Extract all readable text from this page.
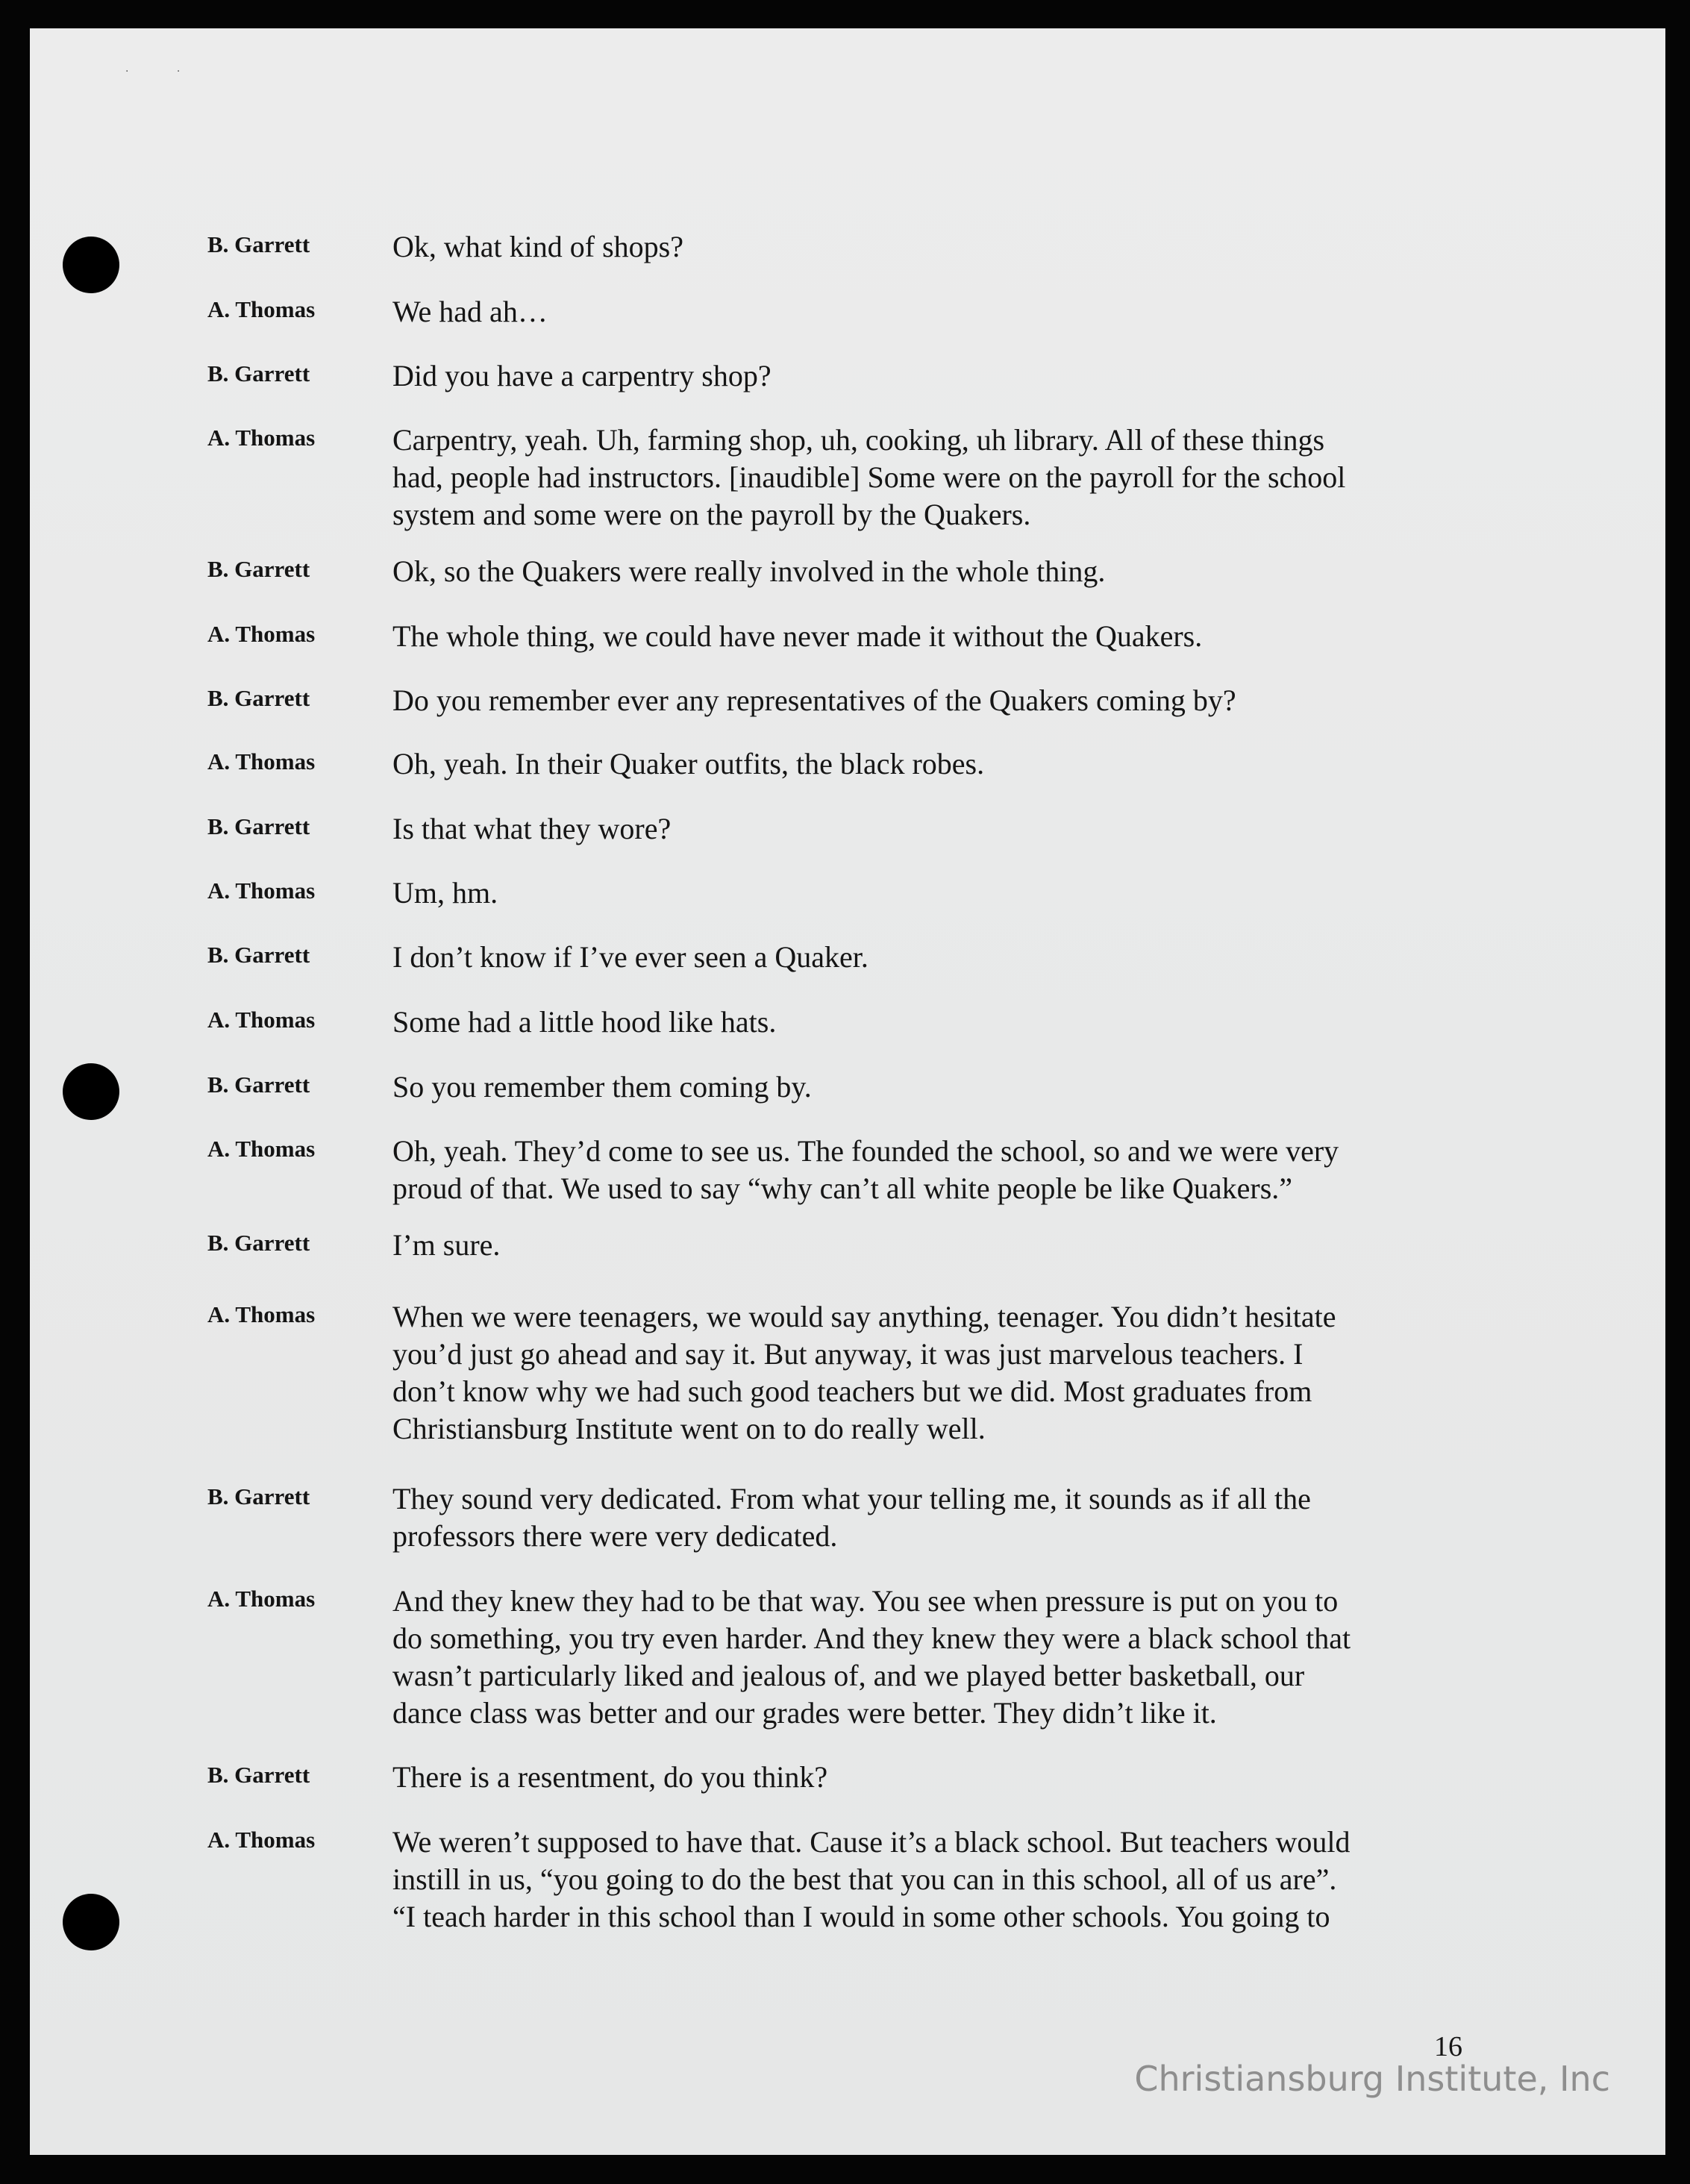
· ·
B. Garrett	Ok, what kind of shops?
A. Thomas	We had ah…
B. Garrett	Did you have a carpentry shop?
A. Thomas	Carpentry, yeah. Uh, farming shop, uh, cooking, uh library. All of these things
had, people had instructors. [inaudible] Some were on the payroll for the school
system and some were on the payroll by the Quakers.
B. Garrett	Ok, so the Quakers were really involved in the whole thing.
A. Thomas	The whole thing, we could have never made it without the Quakers.
B. Garrett	Do you remember ever any representatives of the Quakers coming by?
A. Thomas	Oh, yeah. In their Quaker outfits, the black robes.
B. Garrett	Is that what they wore?
A. Thomas	Um, hm.
B. Garrett	I don’t know if I’ve ever seen a Quaker.
A. Thomas	Some had a little hood like hats.
B. Garrett	So you remember them coming by.
A. Thomas	Oh, yeah. They’d come to see us. The founded the school, so and we were very
proud of that. We used to say “why can’t all white people be like Quakers.”
B. Garrett	I’m sure.
A. Thomas	When we were teenagers, we would say anything, teenager. You didn’t hesitate
you’d just go ahead and say it. But anyway, it was just marvelous teachers. I
don’t know why we had such good teachers but we did. Most graduates from
Christiansburg Institute went on to do really well.
B. Garrett	They sound very dedicated. From what your telling me, it sounds as if all the
professors there were very dedicated.
A. Thomas	And they knew they had to be that way. You see when pressure is put on you to
do something, you try even harder. And they knew they were a black school that
wasn’t particularly liked and jealous of, and we played better basketball, our
dance class was better and our grades were better. They didn’t like it.
B. Garrett	There is a resentment, do you think?
A. Thomas	We weren’t supposed to have that. Cause it’s a black school. But teachers would
instill in us, “you going to do the best that you can in this school, all of us are”.
“I teach harder in this school than I would in some other schools. You going to
16
Christiansburg Institute, Inc
